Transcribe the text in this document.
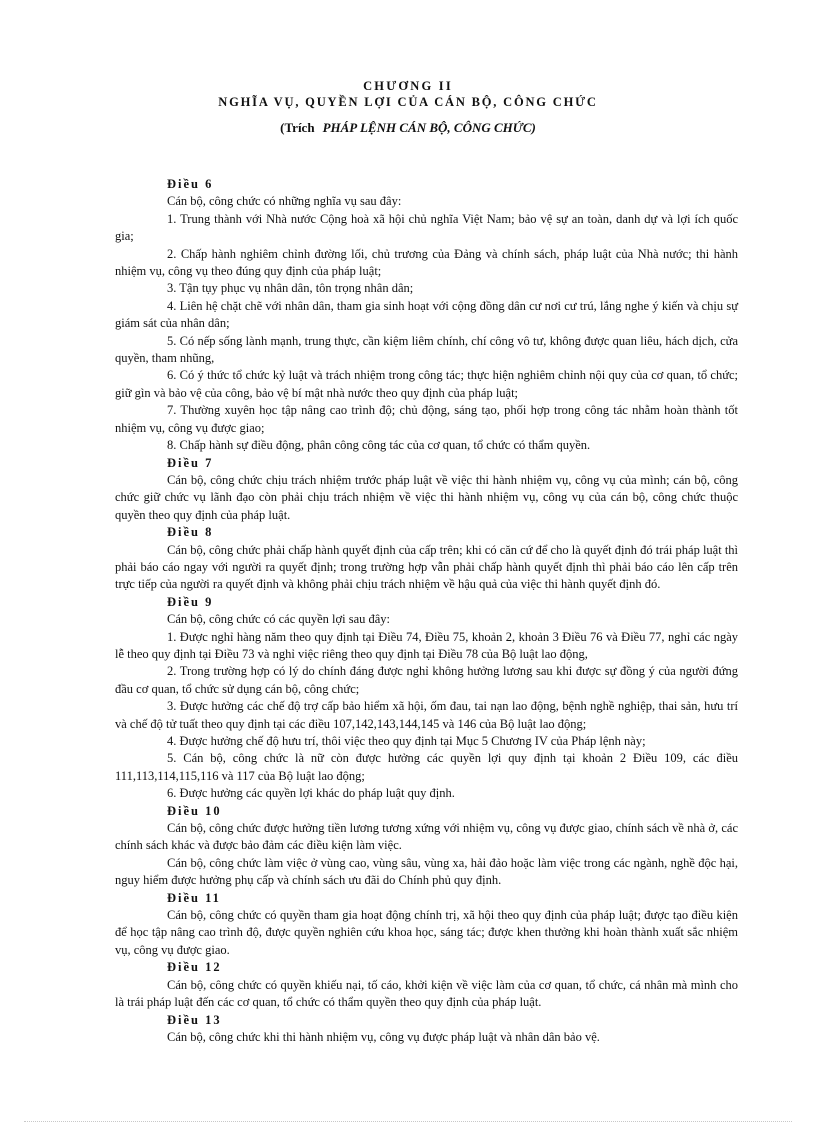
CHƯƠNG II
NGHĨA VỤ, QUYỀN LỢI CỦA CÁN BỘ, CÔNG CHỨC
(Trích PHÁP LỆNH CÁN BỘ, CÔNG CHỨC)
Điều 6

Cán bộ, công chức có những nghĩa vụ sau đây:

1. Trung thành với Nhà nước Cộng hoà xã hội chủ nghĩa Việt Nam; bảo vệ sự an toàn, danh dự và lợi ích quốc gia;

2. Chấp hành nghiêm chỉnh đường lối, chủ trương của Đảng và chính sách, pháp luật của Nhà nước; thi hành nhiệm vụ, công vụ theo đúng quy định của pháp luật;

3. Tận tụy phục vụ nhân dân, tôn trọng nhân dân;

4. Liên hệ chặt chẽ với nhân dân, tham gia sinh hoạt với cộng đồng dân cư nơi cư trú, lắng nghe ý kiến và chịu sự giám sát của nhân dân;

5. Có nếp sống lành mạnh, trung thực, cần kiệm liêm chính, chí công vô tư, không được quan liêu, hách dịch, cửa quyền, tham nhũng,

6. Có ý thức tổ chức kỷ luật và trách nhiệm trong công tác; thực hiện nghiêm chỉnh nội quy của cơ quan, tổ chức; giữ gìn và bảo vệ của công, bảo vệ bí mật nhà nước theo quy định của pháp luật;

7. Thường xuyên học tập nâng cao trình độ; chủ động, sáng tạo, phối hợp trong công tác nhằm hoàn thành tốt nhiệm vụ, công vụ được giao;

8. Chấp hành sự điều động, phân công công tác của cơ quan, tổ chức có thẩm quyền.

Điều 7

Cán bộ, công chức chịu trách nhiệm trước pháp luật về việc thi hành nhiệm vụ, công vụ của mình; cán bộ, công chức giữ chức vụ lãnh đạo còn phải chịu trách nhiệm về việc thi hành nhiệm vụ, công vụ của cán bộ, công chức thuộc quyền theo quy định của pháp luật.

Điều 8

Cán bộ, công chức phải chấp hành quyết định của cấp trên; khi có căn cứ để cho là quyết định đó trái pháp luật thì phải báo cáo ngay với người ra quyết định; trong trường hợp vẫn phải chấp hành quyết định thì phải báo cáo lên cấp trên trực tiếp của người ra quyết định và không phải chịu trách nhiệm về hậu quả của việc thi hành quyết định đó.

Điều 9

Cán bộ, công chức có các quyền lợi sau đây:

1. Được nghỉ hàng năm theo quy định tại Điều 74, Điều 75, khoản 2, khoản 3 Điều 76 và Điều 77, nghỉ các ngày lễ theo quy định tại Điều 73 và nghỉ việc riêng theo quy định tại Điều 78 của Bộ luật lao động,

2. Trong trường hợp có lý do chính đáng được nghỉ không hưởng lương sau khi được sự đồng ý của người đứng đầu cơ quan, tổ chức sử dụng cán bộ, công chức;

3. Được hưởng các chế độ trợ cấp bảo hiểm xã hội, ốm đau, tai nạn lao động, bệnh nghề nghiệp, thai sản, hưu trí và chế độ tử tuất theo quy định tại các điều 107,142,143,144,145 và 146 của Bộ luật lao động;

4. Được hưởng chế độ hưu trí, thôi việc theo quy định tại Mục 5 Chương IV của Pháp lệnh này;

5. Cán bộ, công chức là nữ còn được hưởng các quyền lợi quy định tại khoản 2 Điều 109, các điều 111,113,114,115,116 và 117 của Bộ luật lao động;

6. Được hưởng các quyền lợi khác do pháp luật quy định.

Điều 10

Cán bộ, công chức được hưởng tiền lương tương xứng với nhiệm vụ, công vụ được giao, chính sách về nhà ở, các chính sách khác và được bảo đảm các điều kiện làm việc.

Cán bộ, công chức làm việc ở vùng cao, vùng sâu, vùng xa, hải đảo hoặc làm việc trong các ngành, nghề độc hại, nguy hiểm được hưởng phụ cấp và chính sách ưu đãi do Chính phủ quy định.

Điều 11

Cán bộ, công chức có quyền tham gia hoạt động chính trị, xã hội theo quy định của pháp luật; được tạo điều kiện để học tập nâng cao trình độ, được quyền nghiên cứu khoa học, sáng tác; được khen thưởng khi hoàn thành xuất sắc nhiệm vụ, công vụ được giao.

Điều 12

Cán bộ, công chức có quyền khiếu nại, tố cáo, khởi kiện về việc làm của cơ quan, tổ chức, cá nhân mà mình cho là trái pháp luật đến các cơ quan, tổ chức có thẩm quyền theo quy định của pháp luật.

Điều 13

Cán bộ, công chức khi thi hành nhiệm vụ, công vụ được pháp luật và nhân dân bảo vệ.
